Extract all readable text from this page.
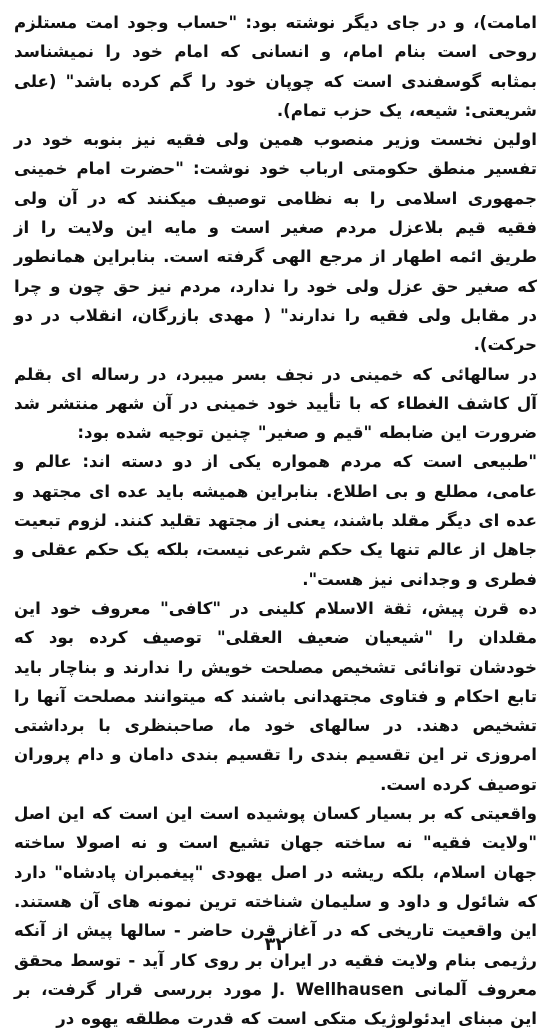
امامت)، و در جای دیگر نوشته بود: "حساب وجود امت مستلزم روحی است بنام امام، و انسانی که امام خود را نمیشناسد بمثابه گوسفندی است که چوپان خود را گم کرده باشد" (علی شریعتی: شیعه، یک حزب تمام).

اولین نخست وزیر منصوب همین ولی فقیه نیز بنوبه خود در تفسیر منطق حکومتی ارباب خود نوشت: "حضرت امام خمینی جمهوری اسلامی را به نظامی توصیف میکنند که در آن ولی فقیه قیم بلاعزل مردم صغیر است و مایه این ولایت را از طریق ائمه اطهار از مرجع الهی گرفته است. بنابراین همانطور که صغیر حق عزل ولی خود را ندارد، مردم نیز حق چون و چرا در مقابل ولی فقیه را ندارند" ( مهدی بازرگان، انقلاب در دو حرکت).

در سالهائی که خمینی در نجف بسر میبرد، در رساله ای بقلم آل کاشف الغطاء که با تأیید خود خمینی در آن شهر منتشر شد ضرورت این ضابطه "قیم و صغیر" چنین توجیه شده بود:

"طبیعی است که مردم همواره یکی از دو دسته اند: عالم و عامی، مطلع و بی اطلاع. بنابراین همیشه باید عده ای مجتهد و عده ای دیگر مقلد باشند، یعنی از مجتهد تقلید کنند. لزوم تبعیت جاهل از عالم تنها یک حکم شرعی نیست، بلکه یک حکم عقلی و فطری و وجدانی نیز هست".

ده قرن پیش، ثقة الاسلام کلینی در "کافی" معروف خود این مقلدان را "شیعیان ضعیف العقلی" توصیف کرده بود که خودشان توانائی تشخیص مصلحت خویش را ندارند و بناچار باید تابع احکام و فتاوی مجتهدانی باشند که میتوانند مصلحت آنها را تشخیص دهند. در سالهای خود ما، صاحبنظری با برداشتی امروزی تر این تقسیم بندی را تقسیم بندی دامان و دام پروران توصیف کرده است.

واقعیتی که بر بسیار کسان پوشیده است این است که این اصل "ولایت فقیه" نه ساخته جهان تشیع است و نه اصولا ساخته جهان اسلام، بلکه ریشه در اصل یهودی "پیغمبران پادشاه" دارد که شائول و داود و سلیمان شناخته ترین نمونه های آن هستند. این واقعیت تاریخی که در آغاز قرن حاضر - سالها پیش از آنکه رژیمی بنام ولایت فقیه در ایران بر روی کار آید - توسط محقق معروف آلمانی J. Wellhausen مورد بررسی قرار گرفت، بر این مبنای ایدئولوژیک متکی است که قدرت مطلقه یهوه در

۳۲
